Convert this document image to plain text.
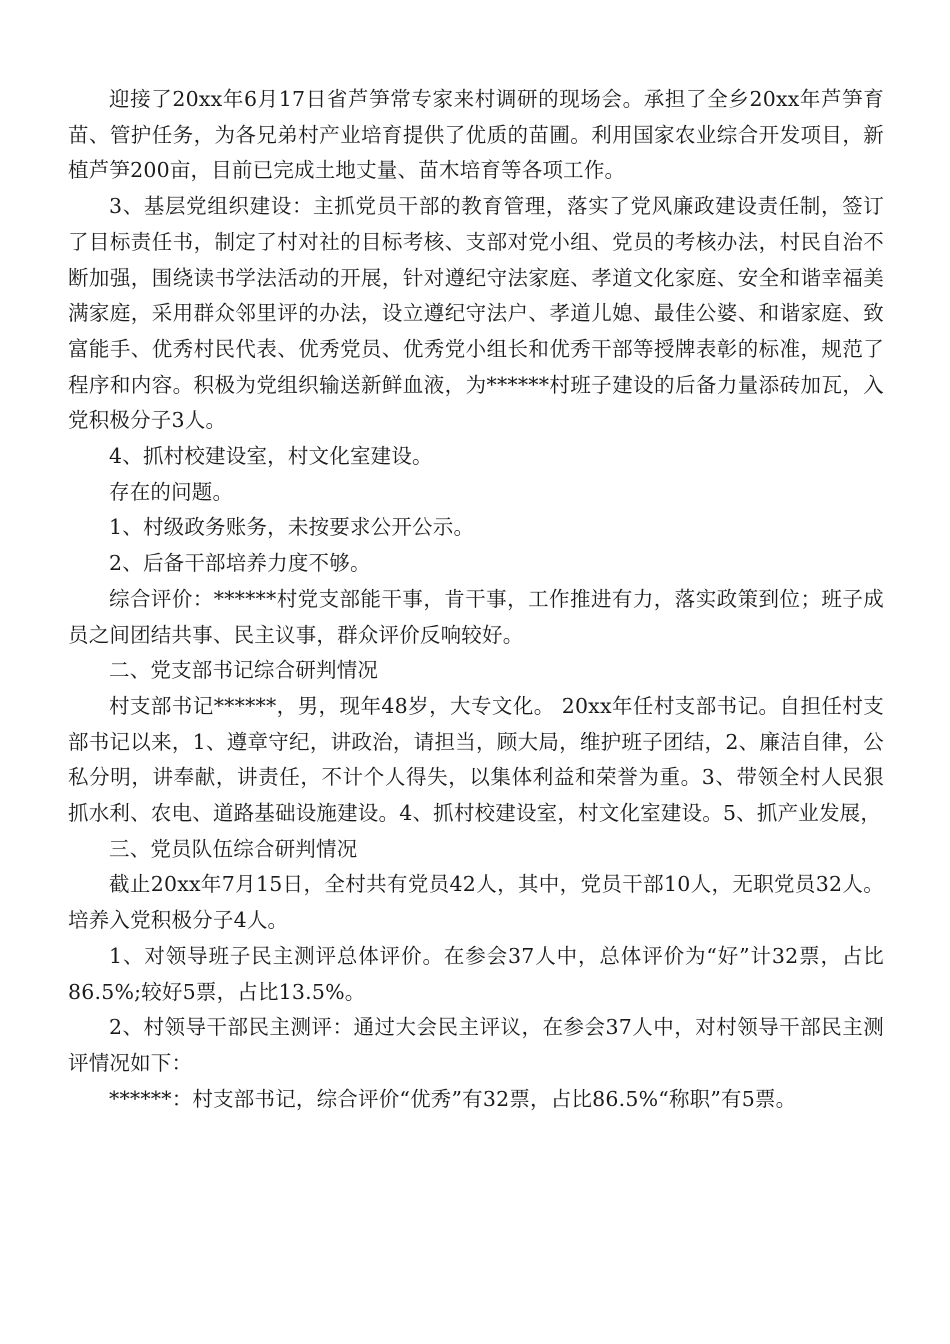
迎接了20xx年6月17日省芦笋常专家来村调研的现场会。承担了全乡20xx年芦笋育苗、管护任务，为各兄弟村产业培育提供了优质的苗圃。利用国家农业综合开发项目，新植芦笋200亩，目前已完成土地丈量、苗木培育等各项工作。

3、基层党组织建设：主抓党员干部的教育管理，落实了党风廉政建设责任制，签订了目标责任书，制定了村对社的目标考核、支部对党小组、党员的考核办法，村民自治不断加强，围绕读书学法活动的开展，针对遵纪守法家庭、孝道文化家庭、安全和谐幸福美满家庭，采用群众邻里评的办法，设立遵纪守法户、孝道儿媳、最佳公婆、和谐家庭、致富能手、优秀村民代表、优秀党员、优秀党小组长和优秀干部等授牌表彰的标准，规范了程序和内容。积极为党组织输送新鲜血液，为******村班子建设的后备力量添砖加瓦，入党积极分子3人。

4、抓村校建设室，村文化室建设。

存在的问题。

1、村级政务账务，未按要求公开公示。

2、后备干部培养力度不够。

综合评价：******村党支部能干事，肯干事，工作推进有力，落实政策到位；班子成员之间团结共事、民主议事，群众评价反响较好。

二、党支部书记综合研判情况

村支部书记******，男，现年48岁，大专文化。 20xx年任村支部书记。自担任村支部书记以来，1、遵章守纪，讲政治，请担当，顾大局，维护班子团结，2、廉洁自律，公私分明，讲奉献，讲责任，不计个人得失，以集体利益和荣誉为重。3、带领全村人民狠抓水利、农电、道路基础设施建设。4、抓村校建设室，村文化室建设。5、抓产业发展，

三、党员队伍综合研判情况

截止20xx年7月15日，全村共有党员42人，其中，党员干部10人，无职党员32人。培养入党积极分子4人。

1、对领导班子民主测评总体评价。在参会37人中，总体评价为“好”计32票，占比86.5%;较好5票，占比13.5%。

2、村领导干部民主测评：通过大会民主评议，在参会37人中，对村领导干部民主测评情况如下：

******：村支部书记，综合评价“优秀”有32票，占比86.5%“称职”有5票。
